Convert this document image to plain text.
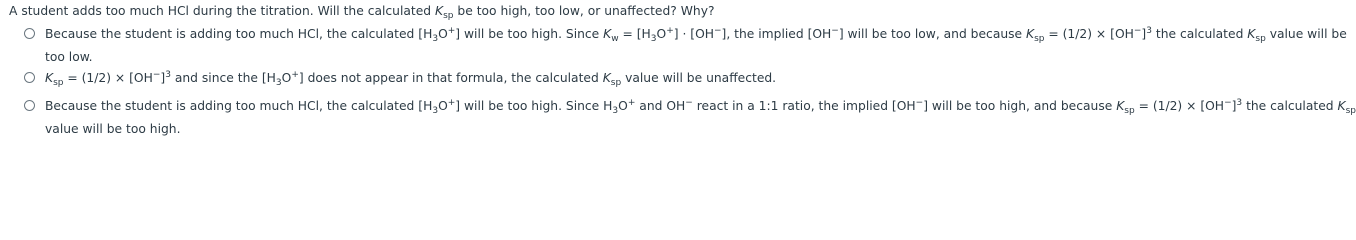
A student adds too much HCl during the titration. Will the calculated $K_{sp}$ be too high, too low, or unaffected? Why?
Because the student is adding too much HCl, the calculated $[H_3O^+]$ will be too high. Since $K_w = [H_3O^+] \cdot [OH^-]$, the implied [OH−] will be too low, and because $K_{sp} = (1/2) \times [OH^-]^3$ the calculated $K_{sp}$ value will be
too low.
$K_{sp} = (1/2) \times [OH^-]^3$ and since the $[H_3O^+]$ does not appear in that formula, the calculated $K_{sp}$ value will be unaffected.
Because the student is adding too much HCl, the calculated $[H_3O^+]$ will be too high. Since $H_3O^+$ and OH− react in a 1:1 ratio, the implied [OH−] will be too high, and because $K_{sp} = (1/2) \times [OH^-]^3$ the calculated $K_{sp}$
value will be too high.
